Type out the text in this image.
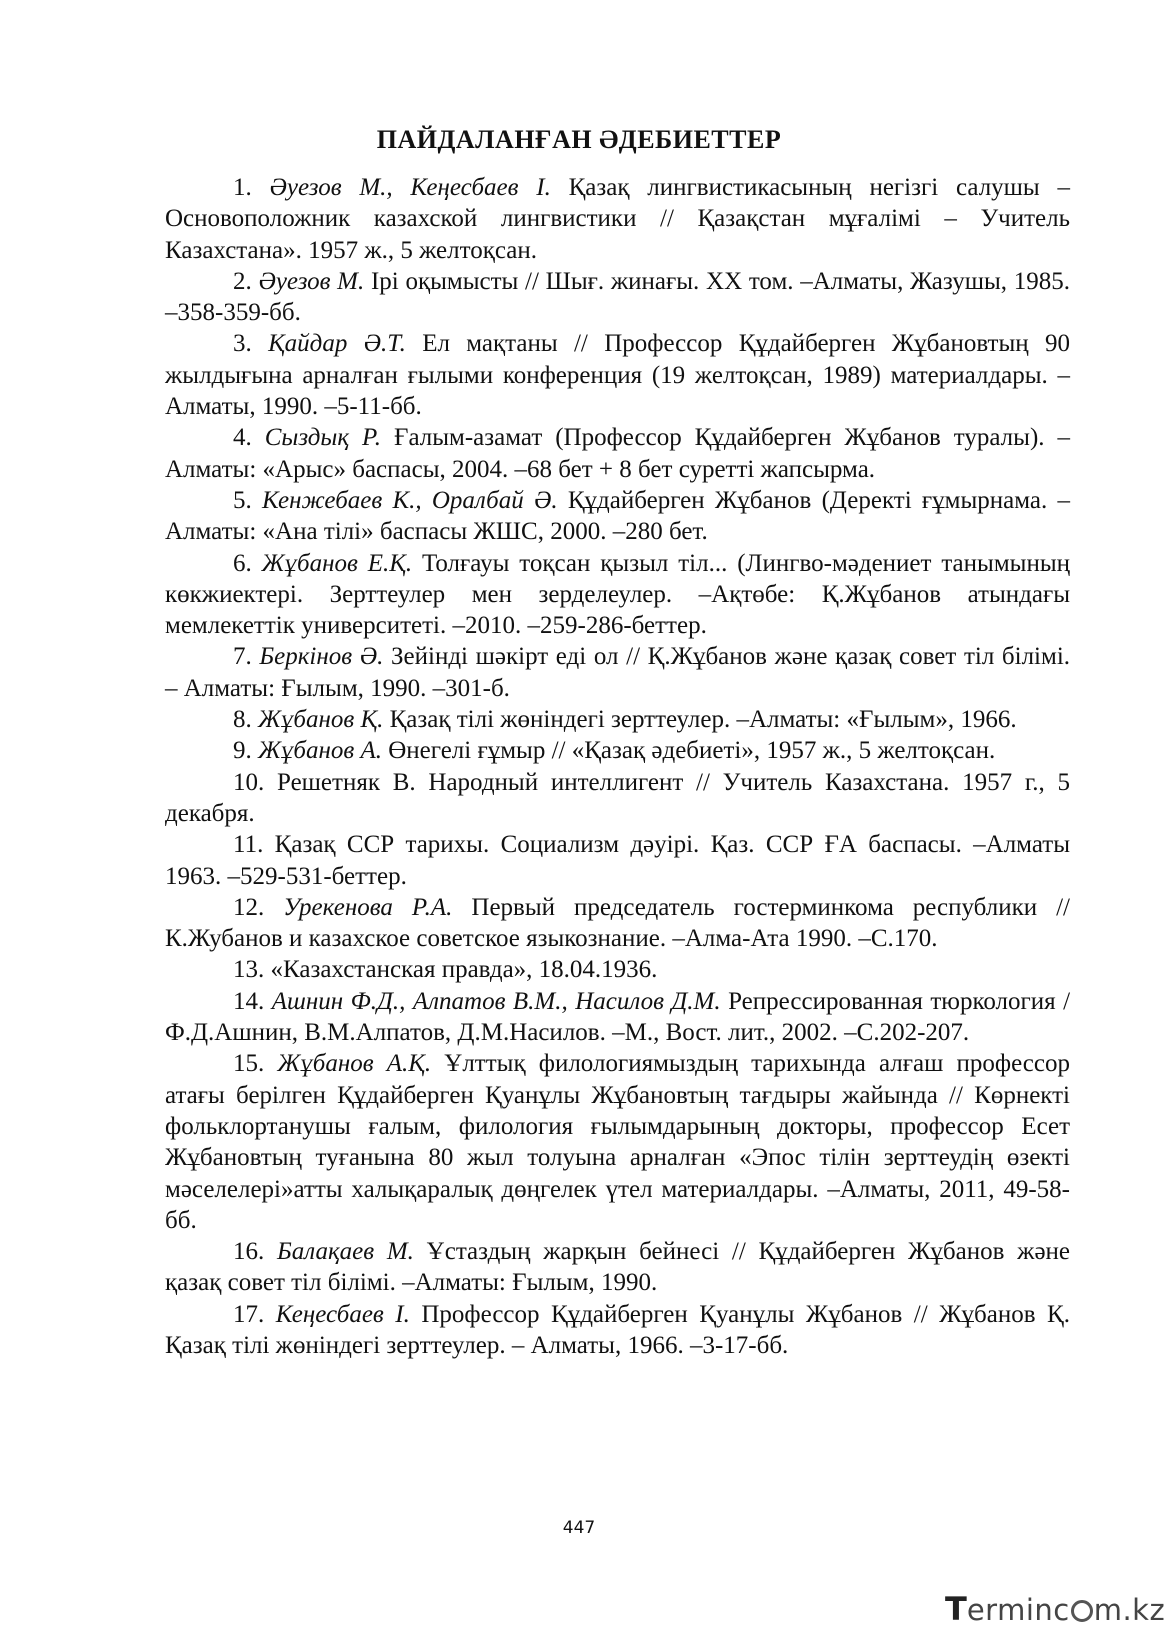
ПАЙДАЛАНҒАН ӘДЕБИЕТТЕР

1. Әуезов М., Кеңесбаев І. Қазақ лингвистикасының негізгі салушы – Основоположник казахской лингвистики // Қазақстан мұғалімі – Учитель Казахстана». 1957 ж., 5 желтоқсан.

2. Әуезов М. Ірі оқымысты // Шығ. жинағы. ХХ том. –Алматы, Жазушы, 1985. –358-359-бб.

3. Қайдар Ә.Т. Ел мақтаны // Профессор Құдайберген Жұбановтың 90 жылдығына арналған ғылыми конференция (19 желтоқсан, 1989) материалдары. –Алматы, 1990. –5-11-бб.

4. Сыздық Р. Ғалым-азамат (Профессор Құдайберген Жұбанов туралы). –Алматы: «Арыс» баспасы, 2004. –68 бет + 8 бет суретті жапсырма.

5. Кенжебаев К., Оралбай Ә. Құдайберген Жұбанов (Деректі ғұмырнама. –Алматы: «Ана тілі» баспасы ЖШС, 2000. –280 бет.

6. Жұбанов Е.Қ. Толғауы тоқсан қызыл тіл... (Лингво-мәдениет танымының көкжиектері. Зерттеулер мен зерделеулер. –Ақтөбе: Қ.Жұбанов атындағы мемлекеттік университеті. –2010. –259-286-беттер.

7. Беркінов Ә. Зейінді шәкірт еді ол // Қ.Жұбанов және қазақ совет тіл білімі. – Алматы: Ғылым, 1990. –301-б.

8. Жұбанов Қ. Қазақ тілі жөніндегі зерттеулер. –Алматы: «Ғылым», 1966.

9. Жұбанов А. Өнегелі ғұмыр // «Қазақ әдебиеті», 1957 ж., 5 желтоқсан.

10. Решетняк В. Народный интеллигент // Учитель Казахстана. 1957 г., 5 декабря.

11. Қазақ ССР тарихы. Социализм дәуірі. Қаз. ССР ҒА баспасы. –Алматы 1963. –529-531-беттер.

12. Урекенова Р.А. Первый председатель гостерминкома республики // К.Жубанов и казахское советское языкознание. –Алма-Ата 1990. –С.170.

13. «Казахстанская правда», 18.04.1936.

14. Ашнин Ф.Д., Алпатов В.М., Насилов Д.М. Репрессированная тюркология / Ф.Д.Ашнин, В.М.Алпатов, Д.М.Насилов. –М., Вост. лит., 2002. –С.202-207.

15. Жұбанов А.Қ. Ұлттық филологиямыздың тарихында алғаш профессор атағы берілген Құдайберген Қуанұлы Жұбановтың тағдыры жайында // Көрнекті фольклортанушы ғалым, филология ғылымдарының докторы, профессор Есет Жұбановтың туғанына 80 жыл толуына арналған «Эпос тілін зерттеудің өзекті мәселелері»атты халықаралық дөңгелек үтел материалдары. –Алматы, 2011, 49-58-бб.

16. Балақаев М. Ұстаздың жарқын бейнесі // Құдайберген Жұбанов және қазақ совет тіл білімі. –Алматы: Ғылым, 1990.

17. Кеңесбаев І. Профессор Құдайберген Қуанұлы Жұбанов // Жұбанов Қ. Қазақ тілі жөніндегі зерттеулер. – Алматы, 1966. –3-17-бб.

447
Terminc m.kz
